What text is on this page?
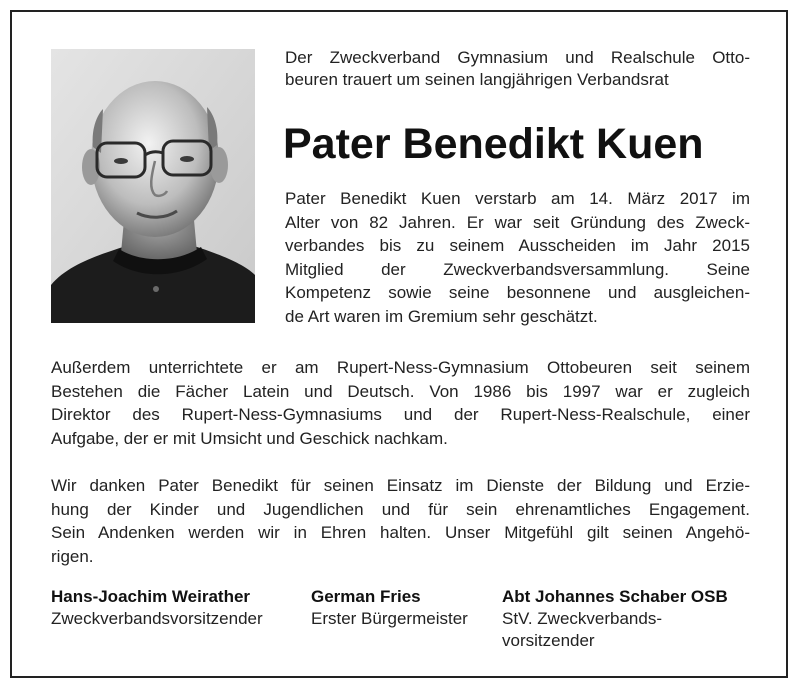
Der Zweckverband Gymnasium und Realschule Otto-
beuren trauert um seinen langjährigen Verbandsrat

Pater Benedikt Kuen

Pater Benedikt Kuen verstarb am 14. März 2017 im
Alter von 82 Jahren. Er war seit Gründung des Zweck-
verbandes bis zu seinem Ausscheiden im Jahr 2015
Mitglied der Zweckverbandsversammlung. Seine
Kompetenz sowie seine besonnene und ausgleichen-
de Art waren im Gremium sehr geschätzt.

Außerdem unterrichtete er am Rupert-Ness-Gymnasium Ottobeuren seit seinem
Bestehen die Fächer Latein und Deutsch. Von 1986 bis 1997 war er zugleich
Direktor des Rupert-Ness-Gymnasiums und der Rupert-Ness-Realschule, einer
Aufgabe, der er mit Umsicht und Geschick nachkam.

Wir danken Pater Benedikt für seinen Einsatz im Dienste der Bildung und Erzie-
hung der Kinder und Jugendlichen und für sein ehrenamtliches Engagement.
Sein Andenken werden wir in Ehren halten. Unser Mitgefühl gilt seinen Angehö-
rigen.

Hans-Joachim Weirather
Zweckverbandsvorsitzender
German Fries
Erster Bürgermeister
Abt Johannes Schaber OSB
StV. Zweckverbands-
vorsitzender
